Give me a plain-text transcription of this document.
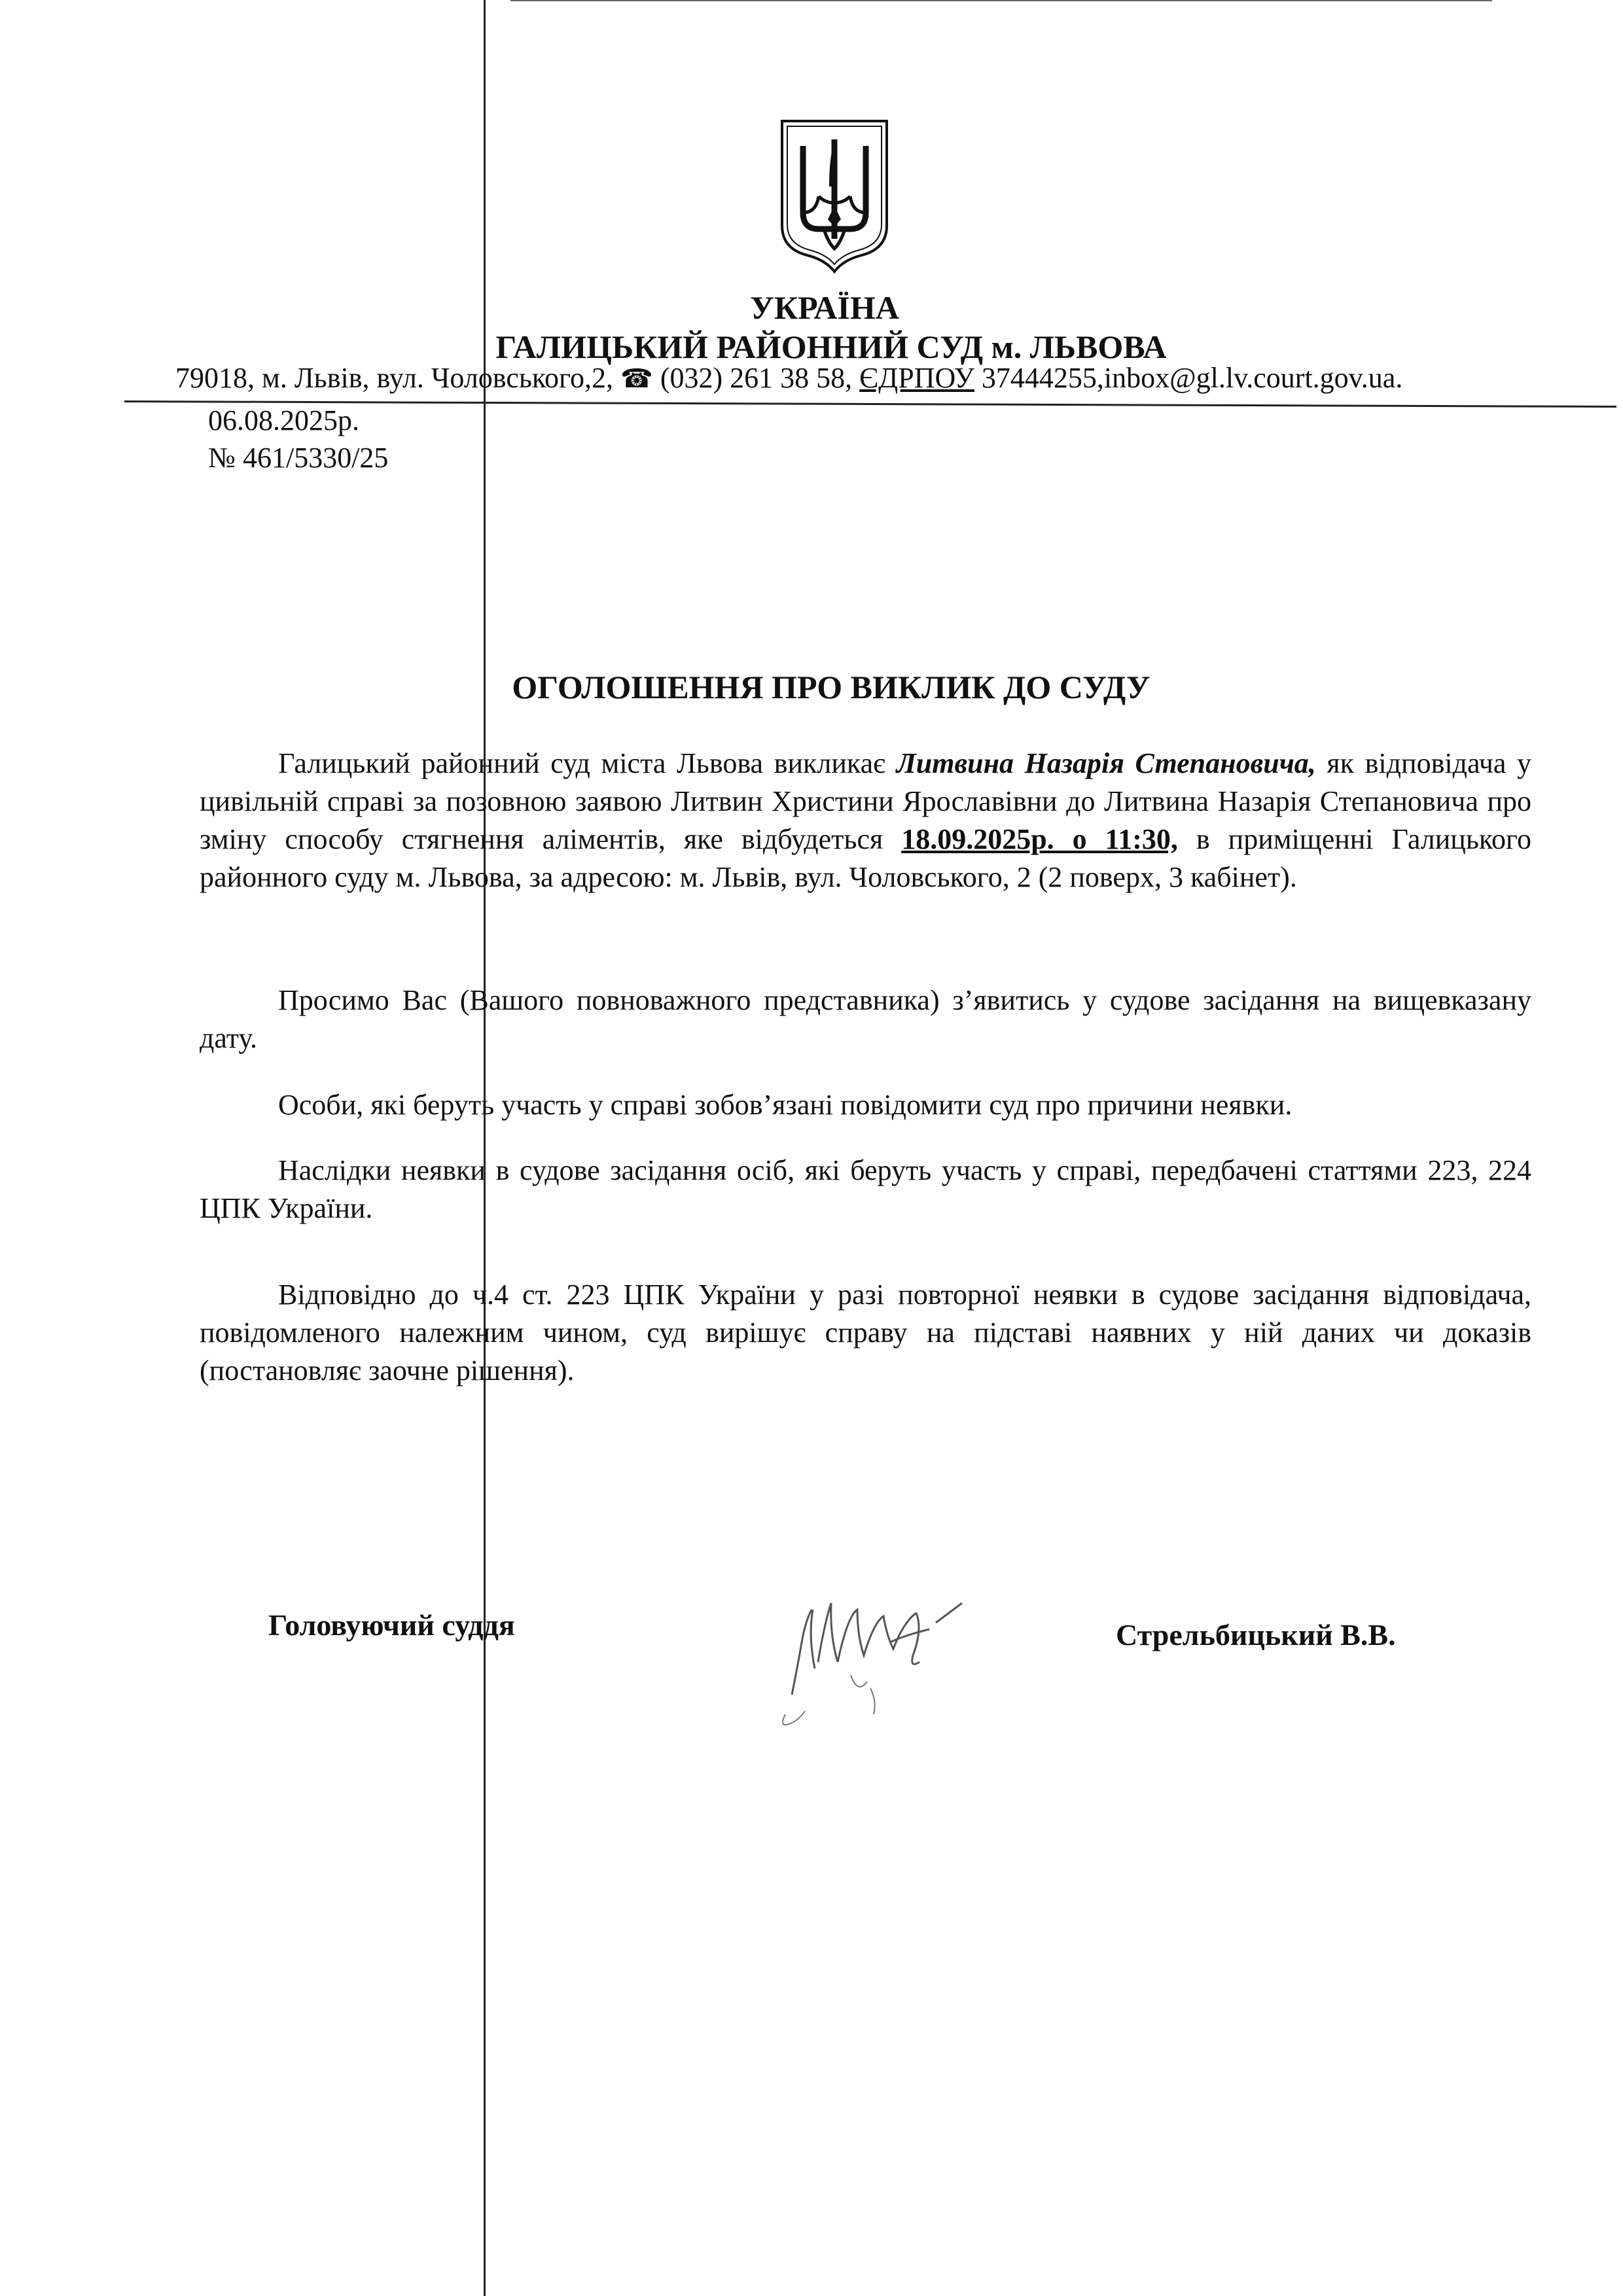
УКРАЇНА
ГАЛИЦЬКИЙ РАЙОННИЙ СУД м. ЛЬВОВА
79018, м. Львів, вул. Чоловського,2, ☎ (032) 261 38 58, ЄДРПОУ 37444255,inbox@gl.lv.court.gov.ua.
06.08.2025р.
№ 461/5330/25
ОГОЛОШЕННЯ ПРО ВИКЛИК ДО СУДУ
Галицький районний суд міста Львова викликає Литвина Назарія Степановича, як відповідача у цивільній справі за позовною заявою Литвин Христини Ярославівни до Литвина Назарія Степановича про зміну способу стягнення аліментів, яке відбудеться 18.09.2025р. о 11:30, в приміщенні Галицького районного суду м. Львова, за адресою: м. Львів, вул. Чоловського, 2 (2 поверх, 3 кабінет).
Просимо Вас (Вашого повноважного представника) з’явитись у судове засідання на вищевказану дату.
Особи, які беруть участь у справі зобов’язані повідомити суд про причини неявки.
Наслідки неявки в судове засідання осіб, які беруть участь у справі, передбачені статтями 223, 224 ЦПК України.
Відповідно до ч.4 ст. 223 ЦПК України у разі повторної неявки в судове засідання відповідача, повідомленого належним чином, суд вирішує справу на підставі наявних у ній даних чи доказів (постановляє заочне рішення).
Головуючий суддя	Стрельбицький В.В.
